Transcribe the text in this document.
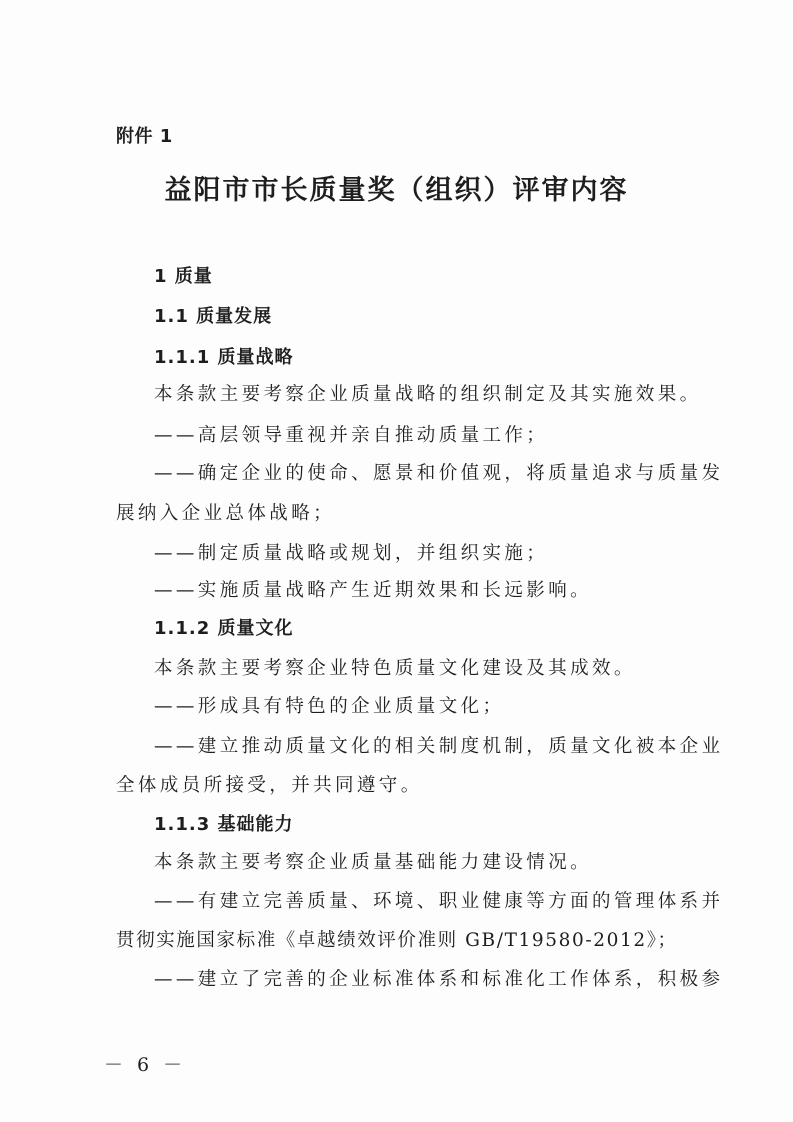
附件 1
益阳市市长质量奖（组织）评审内容
1 质量
1.1 质量发展
1.1.1 质量战略
本条款主要考察企业质量战略的组织制定及其实施效果。
——高层领导重视并亲自推动质量工作；
——确定企业的使命、愿景和价值观，将质量追求与质量发
展纳入企业总体战略；
——制定质量战略或规划，并组织实施；
——实施质量战略产生近期效果和长远影响。
1.1.2 质量文化
本条款主要考察企业特色质量文化建设及其成效。
——形成具有特色的企业质量文化；
——建立推动质量文化的相关制度机制，质量文化被本企业
全体成员所接受，并共同遵守。
1.1.3 基础能力
本条款主要考察企业质量基础能力建设情况。
——有建立完善质量、环境、职业健康等方面的管理体系并
贯彻实施国家标准《卓越绩效评价准则 GB/T19580-2012》；
——建立了完善的企业标准体系和标准化工作体系，积极参
－ 6 －
